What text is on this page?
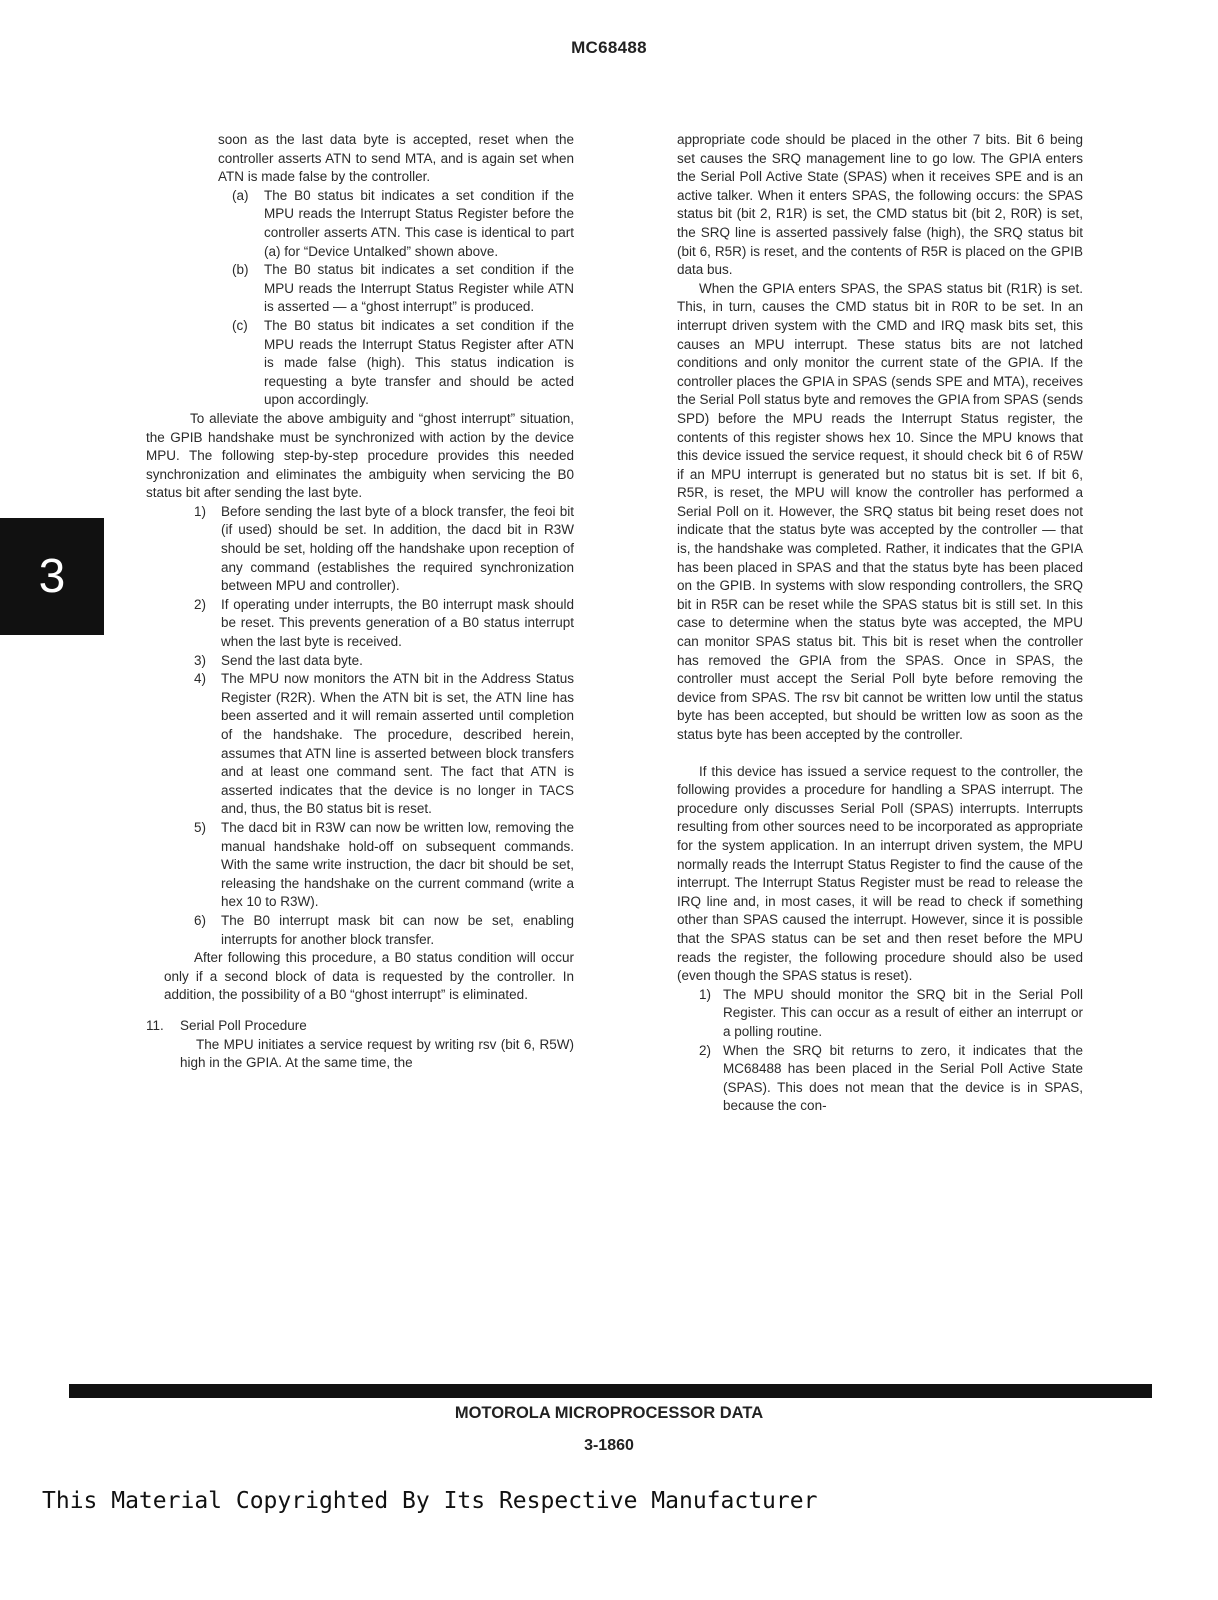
MC68488
3

soon as the last data byte is accepted, reset when the controller asserts ATN to send MTA, and is again set when ATN is made false by the controller.

(a) The B0 status bit indicates a set condition if the MPU reads the Interrupt Status Register before the controller asserts ATN. This case is identical to part (a) for “Device Untalked” shown above.

(b) The B0 status bit indicates a set condition if the MPU reads the Interrupt Status Register while ATN is asserted — a “ghost interrupt” is produced.

(c) The B0 status bit indicates a set condition if the MPU reads the Interrupt Status Register after ATN is made false (high). This status indication is requesting a byte transfer and should be acted upon accordingly.

To alleviate the above ambiguity and “ghost interrupt” situation, the GPIB handshake must be synchronized with action by the device MPU. The following step-by-step procedure provides this needed synchronization and eliminates the ambiguity when servicing the B0 status bit after sending the last byte.

1) Before sending the last byte of a block transfer, the feoi bit (if used) should be set. In addition, the dacd bit in R3W should be set, holding off the handshake upon reception of any command (establishes the required synchronization between MPU and controller).

2) If operating under interrupts, the B0 interrupt mask should be reset. This prevents generation of a B0 status interrupt when the last byte is received.

3) Send the last data byte.

4) The MPU now monitors the ATN bit in the Address Status Register (R2R). When the ATN bit is set, the ATN line has been asserted and it will remain asserted until completion of the handshake. The procedure, described herein, assumes that ATN line is asserted between block transfers and at least one command sent. The fact that ATN is asserted indicates that the device is no longer in TACS and, thus, the B0 status bit is reset.

5) The dacd bit in R3W can now be written low, removing the manual handshake hold-off on subsequent commands. With the same write instruction, the dacr bit should be set, releasing the handshake on the current command (write a hex 10 to R3W).

6) The B0 interrupt mask bit can now be set, enabling interrupts for another block transfer.

After following this procedure, a B0 status condition will occur only if a second block of data is requested by the controller. In addition, the possibility of a B0 “ghost interrupt” is eliminated.

11. Serial Poll Procedure

The MPU initiates a service request by writing rsv (bit 6, R5W) high in the GPIA. At the same time, the

appropriate code should be placed in the other 7 bits. Bit 6 being set causes the SRQ management line to go low. The GPIA enters the Serial Poll Active State (SPAS) when it receives SPE and is an active talker. When it enters SPAS, the following occurs: the SPAS status bit (bit 2, R1R) is set, the CMD status bit (bit 2, R0R) is set, the SRQ line is asserted passively false (high), the SRQ status bit (bit 6, R5R) is reset, and the contents of R5R is placed on the GPIB data bus.

When the GPIA enters SPAS, the SPAS status bit (R1R) is set. This, in turn, causes the CMD status bit in R0R to be set. In an interrupt driven system with the CMD and IRQ mask bits set, this causes an MPU interrupt. These status bits are not latched conditions and only monitor the current state of the GPIA. If the controller places the GPIA in SPAS (sends SPE and MTA), receives the Serial Poll status byte and removes the GPIA from SPAS (sends SPD) before the MPU reads the Interrupt Status register, the contents of this register shows hex 10. Since the MPU knows that this device issued the service request, it should check bit 6 of R5W if an MPU interrupt is generated but no status bit is set. If bit 6, R5R, is reset, the MPU will know the controller has performed a Serial Poll on it. However, the SRQ status bit being reset does not indicate that the status byte was accepted by the controller — that is, the handshake was completed. Rather, it indicates that the GPIA has been placed in SPAS and that the status byte has been placed on the GPIB. In systems with slow responding controllers, the SRQ bit in R5R can be reset while the SPAS status bit is still set. In this case to determine when the status byte was accepted, the MPU can monitor SPAS status bit. This bit is reset when the controller has removed the GPIA from the SPAS. Once in SPAS, the controller must accept the Serial Poll byte before removing the device from SPAS. The rsv bit cannot be written low until the status byte has been accepted, but should be written low as soon as the status byte has been accepted by the controller.

If this device has issued a service request to the controller, the following provides a procedure for handling a SPAS interrupt. The procedure only discusses Serial Poll (SPAS) interrupts. Interrupts resulting from other sources need to be incorporated as appropriate for the system application. In an interrupt driven system, the MPU normally reads the Interrupt Status Register to find the cause of the interrupt. The Interrupt Status Register must be read to release the IRQ line and, in most cases, it will be read to check if something other than SPAS caused the interrupt. However, since it is possible that the SPAS status can be set and then reset before the MPU reads the register, the following procedure should also be used (even though the SPAS status is reset).

1) The MPU should monitor the SRQ bit in the Serial Poll Register. This can occur as a result of either an interrupt or a polling routine.

2) When the SRQ bit returns to zero, it indicates that the MC68488 has been placed in the Serial Poll Active State (SPAS). This does not mean that the device is in SPAS, because the con-

MOTOROLA MICROPROCESSOR DATA
3-1860
This Material Copyrighted By Its Respective Manufacturer
